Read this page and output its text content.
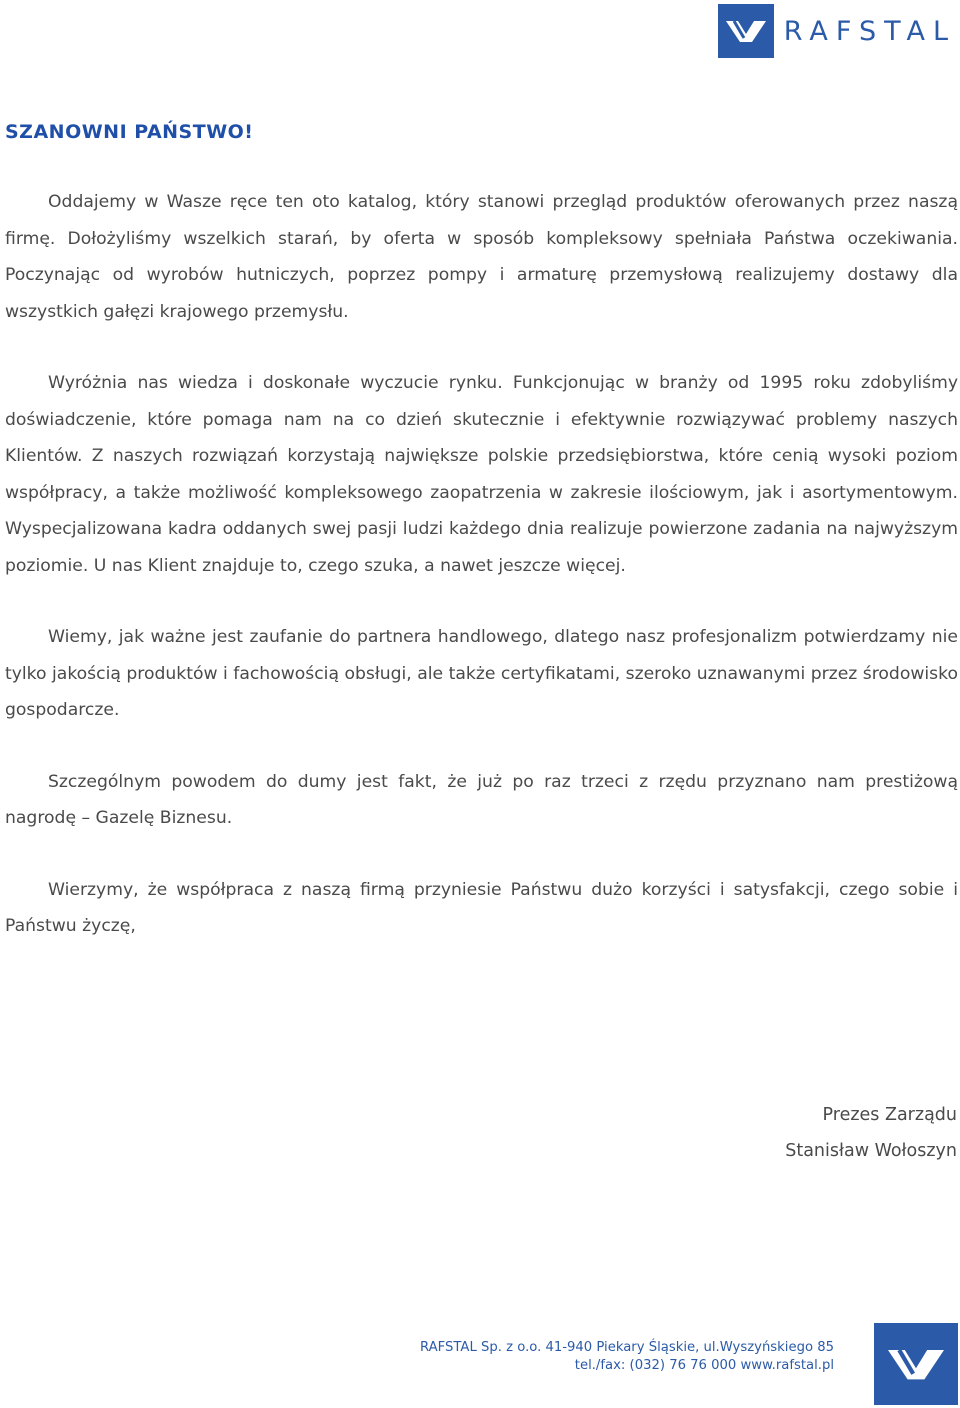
RAFSTAL
SZANOWNI PAŃSTWO!

Oddajemy w Wasze ręce ten oto katalog, który stanowi przegląd produktów oferowanych przez naszą firmę. Dołożyliśmy wszelkich starań, by oferta w sposób kompleksowy spełniała Państwa oczekiwania. Poczynając od wyrobów hutniczych, poprzez pompy i armaturę przemysłową realizujemy dostawy dla wszystkich gałęzi krajowego przemysłu.

Wyróżnia nas wiedza i doskonałe wyczucie rynku. Funkcjonując w branży od 1995 roku zdobyliśmy doświadczenie, które pomaga nam na co dzień skutecznie i efektywnie rozwiązywać problemy naszych Klientów. Z naszych rozwiązań korzystają największe polskie przedsiębiorstwa, które cenią wysoki poziom współpracy, a także możliwość kompleksowego zaopatrzenia w zakresie ilościowym, jak i asortymentowym. Wyspecjalizowana kadra oddanych swej pasji ludzi każdego dnia realizuje powierzone zadania na najwyższym poziomie. U nas Klient znajduje to, czego szuka, a nawet jeszcze więcej.

Wiemy, jak ważne jest zaufanie do partnera handlowego, dlatego nasz profesjonalizm potwierdzamy nie tylko jakością produktów i fachowością obsługi, ale także certyfikatami, szeroko uznawanymi przez środowisko gospodarcze.

Szczególnym powodem do dumy jest fakt, że już po raz trzeci z rzędu przyznano nam prestiżową nagrodę – Gazelę Biznesu.

Wierzymy, że współpraca z naszą firmą przyniesie Państwu dużo korzyści i satysfakcji, czego sobie i Państwu życzę,

Prezes Zarządu
Stanisław Wołoszyn
RAFSTAL Sp. z o.o. 41-940 Piekary Śląskie, ul.Wyszyńskiego 85
tel./fax: (032) 76 76 000 www.rafstal.pl
